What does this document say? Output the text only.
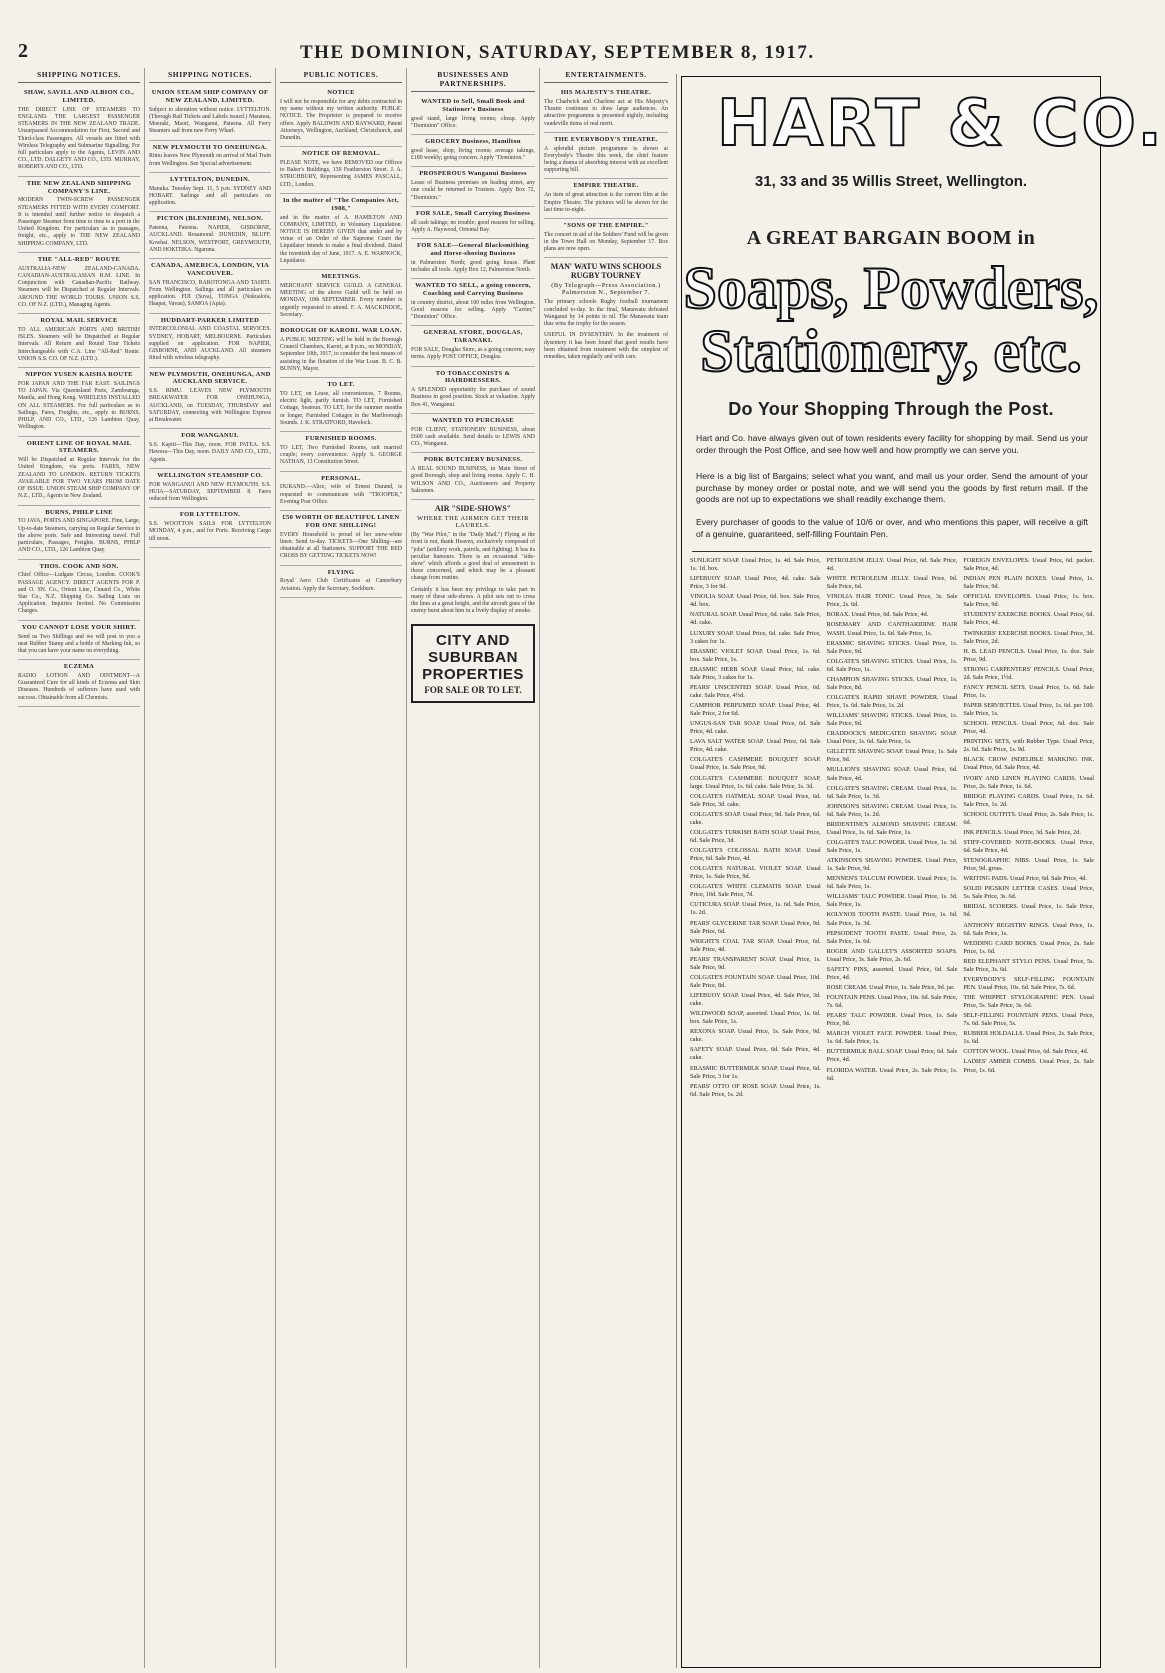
2	THE DOMINION, SATURDAY, SEPTEMBER 8, 1917.
SHIPPING NOTICES.
SHAW, SAVILL AND ALBION CO., LIMITED.
THE DIRECT LINE OF STEAMERS TO ENGLAND. THE LARGEST PASSENGER STEAMERS IN THE NEW ZEALAND TRADE. Unsurpassed Accommodation for First, Second and Third-class Passengers. All vessels are fitted with Wireless Telegraphy and Submarine Signalling. For full particulars apply to the Agents, LEVIN AND CO., LTD. DALGETY AND CO., LTD. MURRAY, ROBERTS AND CO., LTD.
THE NEW ZEALAND SHIPPING COMPANY'S LINE.
MODERN TWIN-SCREW PASSENGER STEAMERS FITTED WITH EVERY COMFORT. It is intended until further notice to despatch a Passenger Steamer from time to time to a port in the United Kingdom. For particulars as to passages, freight, etc., apply to THE NEW ZEALAND SHIPPING COMPANY, LTD.
THE "ALL-RED" ROUTE
AUSTRALIA-NEW ZEALAND-CANADA. CANADIAN-AUSTRALASIAN R.M. LINE. In Conjunction with Canadian-Pacific Railway. Steamers will be Dispatched at Regular Intervals. AROUND THE WORLD TOURS. UNION S.S. CO. OF N.Z. (LTD.), Managing Agents.
ROYAL MAIL SERVICE
TO ALL AMERICAN PORTS AND BRITISH ISLES. Steamers will be Dispatched at Regular Intervals. All Return and Round Tour Tickets Interchangeable with C.A. Line "All-Red" Route. UNION S.S. CO. OF N.Z. (LTD.).
NIPPON YUSEN KAISHA ROUTE
FOR JAPAN AND THE FAR EAST. SAILINGS TO JAPAN. Via Queensland Ports, Zamboanga, Manila, and Hong Kong. WIRELESS INSTALLED ON ALL STEAMERS. For full particulars as to Sailings, Fares, Freights, etc., apply to BURNS, PHILP, AND CO., LTD., 126 Lambton Quay, Wellington.
ORIENT LINE OF ROYAL MAIL STEAMERS.
Will be Dispatched at Regular Intervals for the United Kingdom, via ports. FARES, NEW ZEALAND TO LONDON. RETURN TICKETS AVAILABLE FOR TWO YEARS FROM DATE OF ISSUE. UNION STEAM SHIP COMPANY OF N.Z., LTD., Agents in New Zealand.
BURNS, PHILP LINE
TO JAVA, PORTS AND SINGAPORE. Fine, Large, Up-to-date Steamers, carrying on Regular Service to the above ports. Safe and Interesting travel. Full particulars, Passages, Freights. BURNS, PHILP AND CO., LTD., 126 Lambton Quay.
THOS. COOK AND SON.
Chief Office—Ludgate Circus, London. COOK'S PASSAGE AGENCY. DIRECT AGENTS FOR P. and O. SN. Co., Orient Line, Cunard Co., White Star Co., N.Z. Shipping Co. Sailing Lists on Application. Inquiries Invited. No Commission Charges.
YOU CANNOT LOSE YOUR SHIRT.
Send us Two Shillings and we will post to you a neat Rubber Stamp and a bottle of Marking Ink, so that you can have your name on everything.
ECZEMA
RADIO LOTION AND OINTMENT—A Guaranteed Cure for all kinds of Eczema and Skin Diseases. Hundreds of sufferers have used with success. Obtainable from all Chemists.
SHIPPING NOTICES.
UNION STEAM SHIP COMPANY OF NEW ZEALAND, LIMITED.
Subject to alteration without notice. LYTTELTON. (Through Rail Tickets and Labels issued.) Maranoa, Moeraki, Maori, Wanganui, Pateena. All Ferry Steamers sail from new Ferry Wharf.
NEW PLYMOUTH TO ONEHUNGA.
Rimu leaves New Plymouth on arrival of Mail Train from Wellington. See Special advertisement.
LYTTELTON, DUNEDIN.
Manuka. Tuesday Sept. 11, 5 p.m. SYDNEY AND HOBART. Sailings and all particulars on application.
PICTON (BLENHEIM), NELSON.
Pateena, Pateena. NAPIER, GISBORNE, AUCKLAND. Rosamond. DUNEDIN, BLUFF. Kowhai. NELSON, WESTPORT, GREYMOUTH, AND HOKITIKA. Ngaruna.
CANADA, AMERICA, LONDON, VIA VANCOUVER.
SAN FRANCISCO, RAROTONGA AND TAHITI. From Wellington. Sailings and all particulars on application. FIJI (Suva), TONGA (Nukualofa, Haapai, Vavau), SAMOA (Apia).
HUDDART-PARKER LIMITED
INTERCOLONIAL AND COASTAL SERVICES. SYDNEY, HOBART, MELBOURNE. Particulars supplied on application. FOR NAPIER, GISBORNE, AND AUCKLAND. All steamers fitted with wireless telegraphy.
NEW PLYMOUTH, ONEHUNGA, AND AUCKLAND SERVICE.
S.S. RIMU. LEAVES NEW PLYMOUTH BREAKWATER FOR ONEHUNGA, AUCKLAND, on TUESDAY, THURSDAY and SATURDAY, connecting with Wellington Express at Breakwater.
FOR WANGANUI.
S.S. Kapiti—This Day, noon. FOR PATEA. S.S. Hawera—This Day, noon. DAILY AND CO., LTD., Agents.
WELLINGTON STEAMSHIP CO.
FOR WANGANUI AND NEW PLYMOUTH. S.S. HUIA—SATURDAY, SEPTEMBER 8. Fares reduced from Wellington.
FOR LYTTELTON.
S.S. WOOTTON SAILS FOR LYTTELTON MONDAY, 4 p.m., and for Ports. Receiving Cargo till noon.
PUBLIC NOTICES.
NOTICE
I will not be responsible for any debts contracted in my name without my written authority. PUBLIC NOTICE. The Proprietor is prepared to receive offers. Apply BALDWIN AND RAYWARD, Patent Attorneys, Wellington, Auckland, Christchurch, and Dunedin.
NOTICE OF REMOVAL.
PLEASE NOTE, we have REMOVED our Offices to Baker's Buildings, 139 Featherston Street. J. A. STRICHBURY, Representing JAMES PASCALL, LTD., London.
In the matter of "The Companies Act, 1908,"
and in the matter of A. HAMILTON AND COMPANY, LIMITED, in Voluntary Liquidation. NOTICE IS HEREBY GIVEN that under and by virtue of an Order of the Supreme Court the Liquidator intends to make a final dividend. Dated the twentieth day of June, 1917. A. E. WARNOCK, Liquidator.
MEETINGS.
MERCHANT SERVICE GUILD. A GENERAL MEETING of the above Guild will be held on MONDAY, 10th SEPTEMBER. Every member is urgently requested to attend. F. A. MACKINDOE, Secretary.
BOROUGH OF KARORI. WAR LOAN.
A PUBLIC MEETING will be held in the Borough Council Chambers, Karori, at 8 p.m., on MONDAY, September 10th, 1917, to consider the best means of assisting in the flotation of the War Loan. B. C. B. BUNNY, Mayor.
TO LET.
TO LET, on Lease, all conveniences, 7 Rooms, electric light, partly furnish. TO LET, Furnished Cottage, Seatoun. TO LET, for the summer months or longer, Furnished Cottages in the Marlborough Sounds. J. K. STRATFORD, Havelock.
FURNISHED ROOMS.
TO LET, Two Furnished Rooms, suit married couple; every convenience. Apply S. GEORGE NATHAN, 13 Constitution Street.
PERSONAL.
DURAND.—Alice, wife of Ernest Durand, is requested to communicate with "TROOPER," Evening Post Office.
£50 WORTH OF BEAUTIFUL LINEN FOR ONE SHILLING!
EVERY Household is proud of her snow-white linen. Send to-day. TICKETS—One Shilling—are obtainable at all Stationers. SUPPORT THE RED CROSS BY GETTING TICKETS NOW!
FLYING
Royal Aero Club Certificates at Canterbury Aviation. Apply the Secretary, Sockburn.
BUSINESSES AND PARTNERSHIPS.
WANTED to Sell, Small Book and Stationer's Business
good stand, large living rooms; cheap. Apply "Dominion" Office.
GROCERY Business, Hamilton
good lease, shop, living rooms; average takings, £180 weekly; going concern. Apply "Dominion."
PROSPEROUS Wanganui Business
Lease of Business premises on leading street, any one could be returned to Trustees. Apply Box 72, "Dominion."
FOR SALE, Small Carrying Business
all cash takings; no trouble; good reasons for selling. Apply A. Haywood, Oriental Bay.
FOR SALE—General Blacksmithing and Horse-shoeing Business
in Palmerston North; good going house. Plant includes all tools. Apply Box 12, Palmerston North.
WANTED TO SELL, a going concern, Coaching and Carrying Business
in country district, about 100 miles from Wellington. Good reasons for selling. Apply "Carrier," "Dominion" Office.
GENERAL STORE, DOUGLAS, TARANAKI.
FOR SALE, Douglas Store, as a going concern; easy terms. Apply POST OFFICE, Douglas.
TO TOBACCONISTS & HAIRDRESSERS.
A SPLENDID opportunity for purchase of sound Business in good position. Stock at valuation. Apply Box 41, Wanganui.
WANTED TO PURCHASE
FOR CLIENT, STATIONERY BUSINESS, about £600 cash available. Send details to LEWIS AND CO., Wanganui.
PORK BUTCHERY BUSINESS.
A REAL SOUND BUSINESS, in Main Street of good Borough, shop and living rooms. Apply C. H. WILSON AND CO., Auctioneers and Property Salesmen.
AIR "SIDE-SHOWS"
WHERE THE AIRMEN GET THEIR LAURELS.
(By "War Pilot," in the "Daily Mail.") Flying at the front is not, thank Heaven, exclusively composed of "jobs" (artillery work, patrols, and fighting). It has its peculiar humours. There is an occasional "side-show" which affords a good deal of amusement to those concerned, and which may be a pleasant change from routine.
Certainly it has been my privilege to take part in many of these side-shows. A pilot sets out to cross the lines at a great height, and the aircraft guns of the enemy burst about him in a lively display of smoke.
CITY AND SUBURBAN PROPERTIES
FOR SALE OR TO LET.
ENTERTAINMENTS.
HIS MAJESTY'S THEATRE.
The Chadwick and Charlene act at His Majesty's Theatre continues to draw large audiences. An attractive programme is presented nightly, including vaudeville items of real merit.
THE EVERYBODY'S THEATRE.
A splendid picture programme is shown at Everybody's Theatre this week, the chief feature being a drama of absorbing interest with an excellent supporting bill.
EMPIRE THEATRE.
An item of great attraction is the current film at the Empire Theatre. The pictures will be shown for the last time to-night.
"SONS OF THE EMPIRE."
The concert in aid of the Soldiers' Fund will be given in the Town Hall on Monday, September 17. Box plans are now open.
MAN' WATU WINS SCHOOLS RUGBY TOURNEY
(By Telegraph—Press Association.) Palmerston N., September 7.
The primary schools Rugby football tournament concluded to-day. In the final, Manawatu defeated Wanganui by 14 points to nil. The Manawatu team thus wins the trophy for the season.
USEFUL IN DYSENTERY. In the treatment of dysentery it has been found that good results have been obtained from treatment with the simplest of remedies, taken regularly and with care.
HART & CO.
31, 33 and 35 Willis Street, Wellington.
A GREAT BARGAIN BOOM in
Soaps, Powders, Stationery, etc.
Do Your Shopping Through the Post.
Hart and Co. have always given out of town residents every facility for shopping by mail. Send us your order through the Post Office, and see how well and how promptly we can serve you.
Here is a big list of Bargains; select what you want, and mail us your order. Send the amount of your purchase by money order or postal note, and we will send you the goods by first return mail. If the goods are not up to expectations we shall readily exchange them.
Every purchaser of goods to the value of 10/6 or over, and who mentions this paper, will receive a gift of a genuine, guaranteed, self-filling Fountain Pen.
SUNLIGHT SOAP. Usual Price, 1s. 4d. Sale Price, 1s. 1d. box.
LIFEBUOY SOAP. Usual Price, 4d. cake. Sale Price, 3 for 9d.
VINOLIA SOAP. Usual Price, 6d. box. Sale Price, 4d. box.
NATURAL SOAP. Usual Price, 6d. cake. Sale Price, 4d. cake.
LUXURY SOAP. Usual Price, 6d. cake. Sale Price, 3 cakes for 1s.
ERASMIC VIOLET SOAP. Usual Price, 1s. 6d. box. Sale Price, 1s.
ERASMIC HERB SOAP. Usual Price, 6d. cake. Sale Price, 3 cakes for 1s.
PEARS' UNSCENTED SOAP. Usual Price, 6d. cake. Sale Price, 4½d.
CAMPHOR PERFUMED SOAP. Usual Price, 4d. Sale Price, 2 for 6d.
UNGUS-SAN TAR SOAP. Usual Price, 6d. Sale Price, 4d. cake.
LAVA SALT WATER SOAP. Usual Price, 6d. Sale Price, 4d. cake.
COLGATE'S CASHMERE BOUQUET SOAP. Usual Price, 1s. Sale Price, 9d.
COLGATE'S CASHMERE BOUQUET SOAP, large. Usual Price, 1s. 6d. cake. Sale Price, 1s. 3d.
COLGATE'S OATMEAL SOAP. Usual Price, 6d. Sale Price, 3d. cake.
COLGATE'S SOAP. Usual Price, 9d. Sale Price, 6d. cake.
COLGATE'S TURKISH BATH SOAP. Usual Price, 6d. Sale Price, 3d.
COLGATE'S COLOSSAL BATH SOAP. Usual Price, 6d. Sale Price, 4d.
COLGATE'S NATURAL VIOLET SOAP. Usual Price, 1s. Sale Price, 9d.
COLGATE'S WHITE CLEMATIS SOAP. Usual Price, 10d. Sale Price, 7d.
CUTICURA SOAP. Usual Price, 1s. 6d. Sale Price, 1s. 2d.
PEARS' GLYCERINE TAR SOAP. Usual Price, 9d. Sale Price, 6d.
WRIGHT'S COAL TAR SOAP. Usual Price, 6d. Sale Price, 4d.
PEARS' TRANSPARENT SOAP. Usual Price, 1s. Sale Price, 9d.
COLGATE'S FOUNTAIN SOAP. Usual Price, 10d. Sale Price, 8d.
LIFEBUOY SOAP. Usual Price, 4d. Sale Price, 3d. cake.
WILDWOOD SOAP, assorted. Usual Price, 1s. 6d. box. Sale Price, 1s.
REXONA SOAP. Usual Price, 1s. Sale Price, 9d. cake.
SAFETY SOAP. Usual Price, 6d. Sale Price, 4d. cake.
ERASMIC BUTTERMILK SOAP. Usual Price, 6d. Sale Price, 3 for 1s.
PEARS' OTTO OF ROSE SOAP. Usual Price, 1s. 6d. Sale Price, 1s. 2d.
PETROLEUM JELLY. Usual Price, 6d. Sale Price, 4d.
WHITE PETROLEUM JELLY. Usual Price, 9d. Sale Price, 6d.
VINOLIA HAIR TONIC. Usual Price, 3s. Sale Price, 2s. 6d.
BORAX. Usual Price, 6d. Sale Price, 4d.
ROSEMARY AND CANTHARIDINE HAIR WASH. Usual Price, 1s. 6d. Sale Price, 1s.
ERASMIC SHAVING STICKS. Usual Price, 1s. Sale Price, 9d.
COLGATE'S SHAVING STICKS. Usual Price, 1s. 6d. Sale Price, 1s.
CHAMPION SHAVING STICKS. Usual Price, 1s. Sale Price, 8d.
COLGATE'S RAPID SHAVE POWDER. Usual Price, 1s. 6d. Sale Price, 1s. 2d.
WILLIAMS' SHAVING STICKS. Usual Price, 1s. Sale Price, 9d.
CRADDOCK'S MEDICATED SHAVING SOAP. Usual Price, 1s. 6d. Sale Price, 1s.
GILLETTE SHAVING SOAP. Usual Price, 1s. Sale Price, 9d.
MULLION'S SHAVING SOAP. Usual Price, 6d. Sale Price, 4d.
COLGATE'S SHAVING CREAM. Usual Price, 1s. 6d. Sale Price, 1s. 3d.
JOHNSON'S SHAVING CREAM. Usual Price, 1s. 6d. Sale Price, 1s. 2d.
BRIDENTINE'S ALMOND SHAVING CREAM. Usual Price, 1s. 6d. Sale Price, 1s.
COLGATE'S TALC POWDER. Usual Price, 1s. 3d. Sale Price, 1s.
ATKINSON'S SHAVING POWDER. Usual Price, 1s. Sale Price, 9d.
MENNEN'S TALCUM POWDER. Usual Price, 1s. 6d. Sale Price, 1s.
WILLIAMS' TALC POWDER. Usual Price, 1s. 3d. Sale Price, 1s.
KOLYNOS TOOTH PASTE. Usual Price, 1s. 6d. Sale Price, 1s. 3d.
PEPSODENT TOOTH PASTE. Usual Price, 2s. Sale Price, 1s. 6d.
ROGER AND GALLET'S ASSORTED SOAPS. Usual Price, 3s. Sale Price, 2s. 6d.
SAFETY PINS, assorted. Usual Price, 6d. Sale Price, 4d.
ROSE CREAM. Usual Price, 1s. Sale Price, 9d. jar.
FOUNTAIN PENS. Usual Price, 10s. 6d. Sale Price, 7s. 6d.
PEARS' TALC POWDER. Usual Price, 1s. Sale Price, 9d.
MARCH VIOLET FACE POWDER. Usual Price, 1s. 6d. Sale Price, 1s.
BUTTERMILK BALL SOAP. Usual Price, 6d. Sale Price, 4d.
FLORIDA WATER. Usual Price, 2s. Sale Price, 1s. 6d.
FOREIGN ENVELOPES. Usual Price, 6d. packet. Sale Price, 4d.
INDIAN PEN PLAIN BOXES. Usual Price, 1s. Sale Price, 9d.
OFFICIAL ENVELOPES. Usual Price, 1s. box. Sale Price, 9d.
STUDENTS' EXERCISE BOOKS. Usual Price, 6d. Sale Price, 4d.
TWINKERS' EXERCISE BOOKS. Usual Price, 3d. Sale Price, 2d.
H. B. LEAD PENCILS. Usual Price, 1s. doz. Sale Price, 9d.
STRONG CARPENTERS' PENCILS. Usual Price, 2d. Sale Price, 1½d.
FANCY PENCIL SETS. Usual Price, 1s. 6d. Sale Price, 1s.
PAPER SERVIETTES. Usual Price, 1s. 6d. per 100. Sale Price, 1s.
SCHOOL PENCILS. Usual Price, 6d. doz. Sale Price, 4d.
PRINTING SETS, with Rubber Type. Usual Price, 2s. 6d. Sale Price, 1s. 9d.
BLACK CROW INDELIBLE MARKING INK. Usual Price, 6d. Sale Price, 4d.
IVORY AND LINEN PLAYING CARDS. Usual Price, 2s. Sale Price, 1s. 6d.
BRIDGE PLAYING CARDS. Usual Price, 1s. 6d. Sale Price, 1s. 2d.
SCHOOL OUTFITS. Usual Price, 2s. Sale Price, 1s. 6d.
INK PENCILS. Usual Price, 3d. Sale Price, 2d.
STIFF-COVERED NOTE-BOOKS. Usual Price, 6d. Sale Price, 4d.
STENOGRAPHIC NIBS. Usual Price, 1s. Sale Price, 9d. gross.
WRITING PADS. Usual Price, 6d. Sale Price, 4d.
SOLID PIGSKIN LETTER CASES. Usual Price, 5s. Sale Price, 3s. 6d.
BRIDAL SCORERS. Usual Price, 1s. Sale Price, 9d.
ANTHONY REGISTRY RINGS. Usual Price, 1s. 6d. Sale Price, 1s.
WEDDING CARD BOOKS. Usual Price, 2s. Sale Price, 1s. 6d.
RED ELEPHANT STYLO PENS. Usual Price, 5s. Sale Price, 3s. 6d.
EVERYBODY'S SELF-FILLING FOUNTAIN PEN. Usual Price, 10s. 6d. Sale Price, 7s. 6d.
THE WHIPPET STYLOGRAPHIC PEN. Usual Price, 5s. Sale Price, 3s. 6d.
SELF-FILLING FOUNTAIN PENS. Usual Price, 7s. 6d. Sale Price, 5s.
RUBBER HOLDALLS. Usual Price, 2s. Sale Price, 1s. 6d.
COTTON WOOL. Usual Price, 6d. Sale Price, 4d.
LADIES' AMBER COMBS. Usual Price, 2s. Sale Price, 1s. 6d.
